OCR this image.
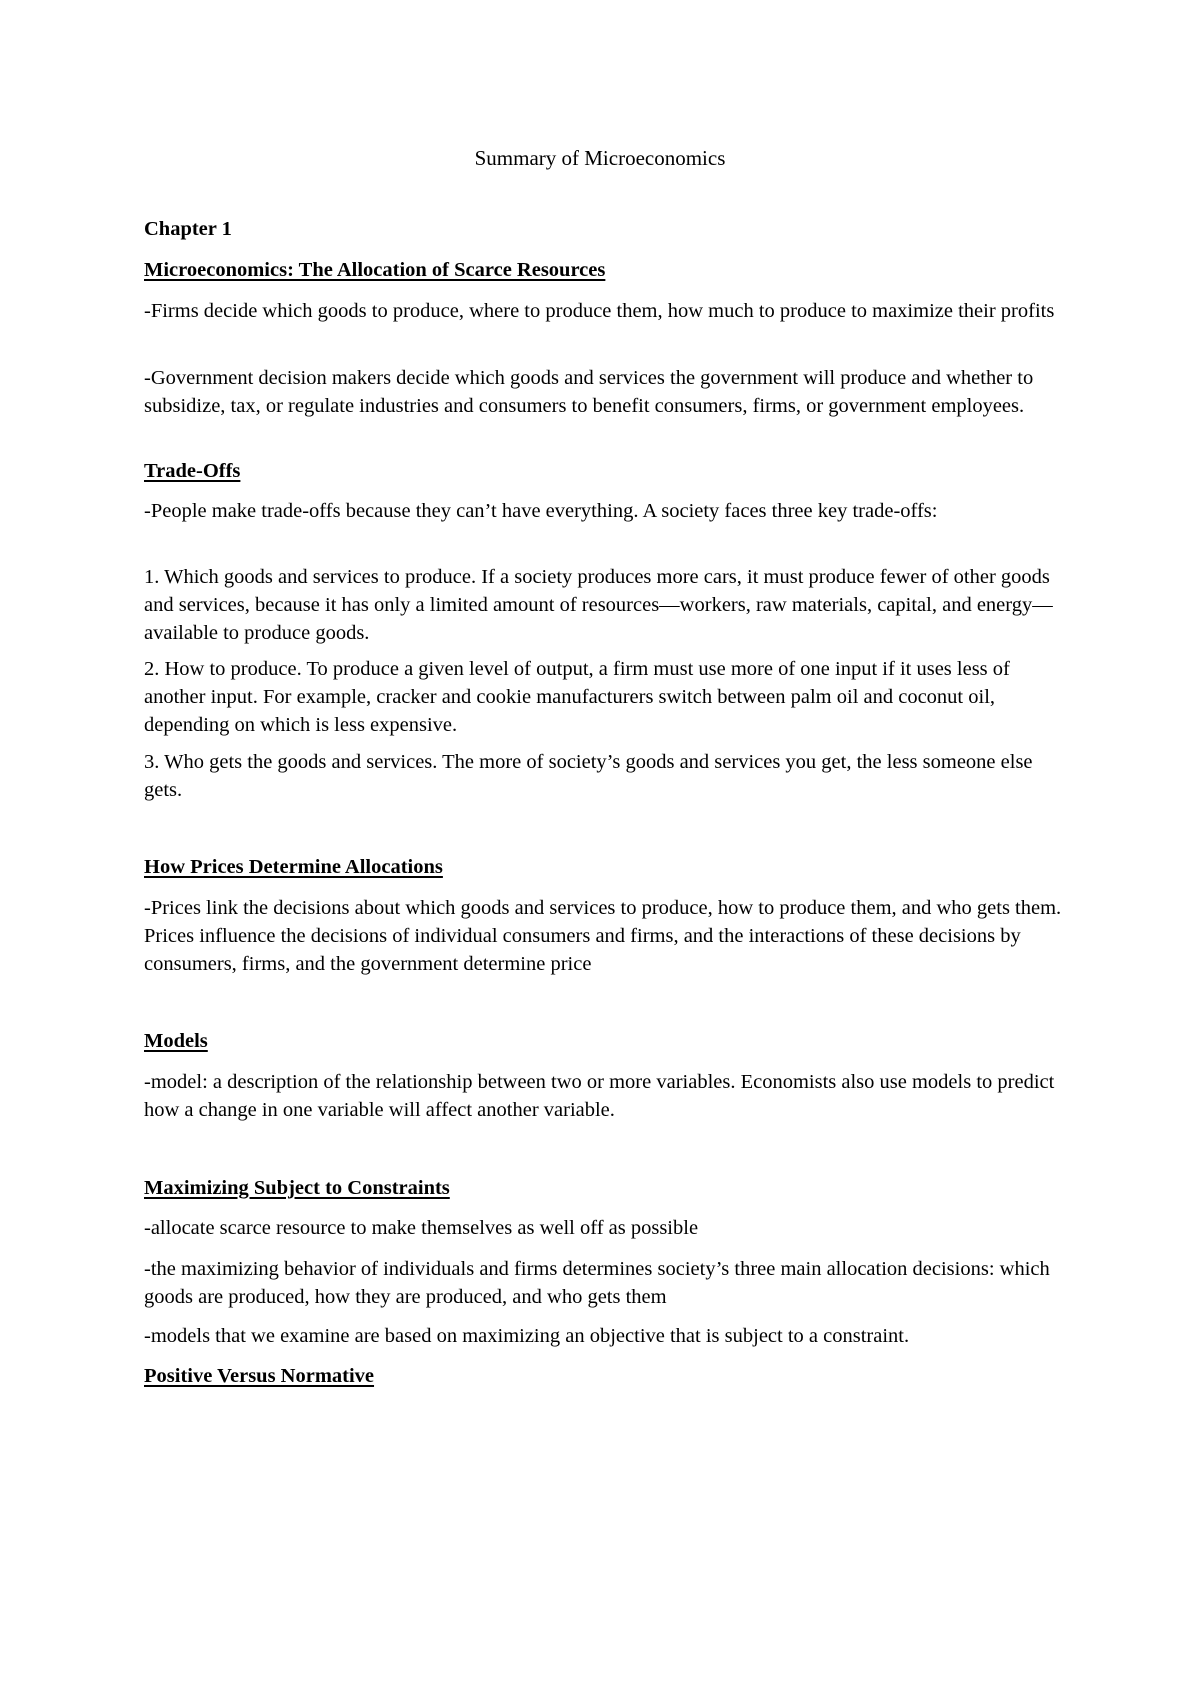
Summary of Microeconomics

Chapter 1

Microeconomics: The Allocation of Scarce Resources

-Firms decide which goods to produce, where to produce them, how much to produce to maximize their profits

-Government decision makers decide which goods and services the government will produce and whether to subsidize, tax, or regulate industries and consumers to benefit consumers, firms, or government employees.

Trade-Offs

-People make trade-offs because they can’t have everything. A society faces three key trade-offs:

1. Which goods and services to produce. If a society produces more cars, it must produce fewer of other goods and services, because it has only a limited amount of resources—workers, raw materials, capital, and energy—available to produce goods.

2. How to produce. To produce a given level of output, a firm must use more of one input if it uses less of another input. For example, cracker and cookie manufacturers switch between palm oil and coconut oil, depending on which is less expensive.

3. Who gets the goods and services. The more of society’s goods and services you get, the less someone else gets.

How Prices Determine Allocations

-Prices link the decisions about which goods and services to produce, how to produce them, and who gets them. Prices influence the decisions of individual consumers and firms, and the interactions of these decisions by consumers, firms, and the government determine price

Models

-model: a description of the relationship between two or more variables. Economists also use models to predict how a change in one variable will affect another variable.

Maximizing Subject to Constraints

-allocate scarce resource to make themselves as well off as possible

-the maximizing behavior of individuals and firms determines society’s three main allocation decisions: which goods are produced, how they are produced, and who gets them

-models that we examine are based on maximizing an objective that is subject to a constraint.

Positive Versus Normative
